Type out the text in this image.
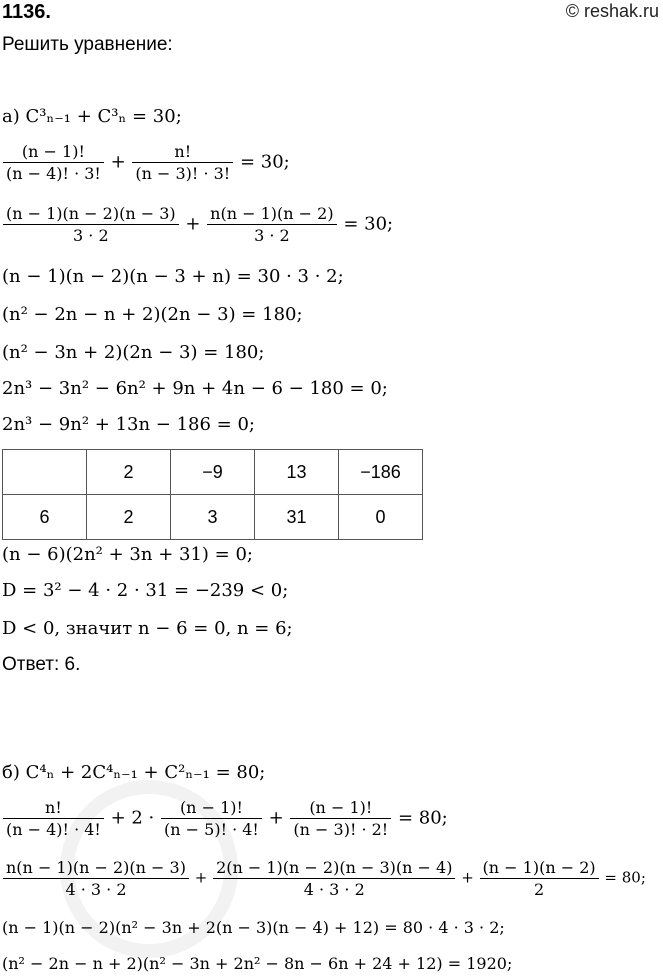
1136.	© reshak.ru
Решить уравнение:
а) C³ₙ₋₁ + C³ₙ = 30;
$\frac{(n - 1)!}{(n - 4)! \cdot 3!} + \frac{n!}{(n - 3)! \cdot 3!} = 30$;
$\frac{(n - 1)(n - 2)(n - 3)}{3 \cdot 2} + \frac{n(n - 1)(n - 2)}{3 \cdot 2} = 30$;
(n − 1)(n − 2)(n − 3 + n) = 30 · 3 · 2;
(n² − 2n − n + 2)(2n − 3) = 180;
(n² − 3n + 2)(2n − 3) = 180;
2n³ − 3n² − 6n² + 9n + 4n − 6 − 180 = 0;
2n³ − 9n² + 13n − 186 = 0;
	2	−9	13	−186
6	2	3	31	0
(n − 6)(2n² + 3n + 31) = 0;
D = 3² − 4 · 2 · 31 = −239 < 0;
D < 0, значит n − 6 = 0, n = 6;
Ответ: 6.
б) C⁴ₙ + 2C⁴ₙ₋₁ + C²ₙ₋₁ = 80;
$\frac{n!}{(n - 4)! \cdot 4!} + 2 \cdot \frac{(n - 1)!}{(n - 5)! \cdot 4!} + \frac{(n - 1)!}{(n - 3)! \cdot 2!} = 80$;
$\frac{n(n - 1)(n - 2)(n - 3)}{4 \cdot 3 \cdot 2} + \frac{2(n - 1)(n - 2)(n - 3)(n - 4)}{4 \cdot 3 \cdot 2} + \frac{(n - 1)(n - 2)}{2} = 80$;
(n − 1)(n − 2)(n² − 3n + 2(n − 3)(n − 4) + 12) = 80 · 4 · 3 · 2;
(n² − 2n − n + 2)(n² − 3n + 2n² − 8n − 6n + 24 + 12) = 1920;
